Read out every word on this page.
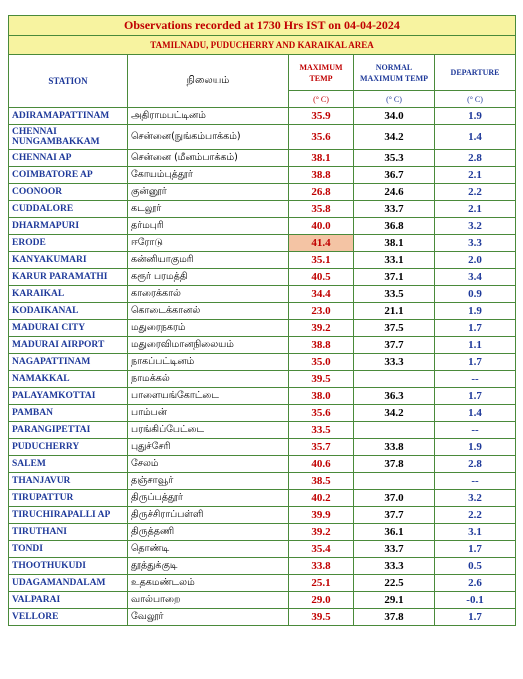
Observations recorded at 1730 Hrs IST on 04-04-2024				
TAMILNADU, PUDUCHERRY AND KARAIKAL AREA				
STATION	நிலையம்	MAXIMUM TEMP	NORMAL MAXIMUM TEMP	DEPARTURE
		(° C)	(° C)	(° C)
ADIRAMAPATTINAM	அதிராமபட்டினம்	35.9	34.0	1.9
CHENNAI NUNGAMBAKKAM	சென்னை(நுங்கம்பாக்கம்)	35.6	34.2	1.4
CHENNAI AP	சென்னை (மீனம்பாக்கம்)	38.1	35.3	2.8
COIMBATORE AP	கோயம்புத்தூர்	38.8	36.7	2.1
COONOOR	குன்னூர்	26.8	24.6	2.2
CUDDALORE	கடலூர்	35.8	33.7	2.1
DHARMAPURI	தர்மபுரி	40.0	36.8	3.2
ERODE	ஈரோடு	41.4	38.1	3.3
KANYAKUMARI	கன்னியாகுமரி	35.1	33.1	2.0
KARUR PARAMATHI	கரூர் பரமத்தி	40.5	37.1	3.4
KARAIKAL	காரைக்கால்	34.4	33.5	0.9
KODAIKANAL	கொடைக்கானல்	23.0	21.1	1.9
MADURAI CITY	மதுரைநகரம்	39.2	37.5	1.7
MADURAI AIRPORT	மதுரைவிமானநிலையம்	38.8	37.7	1.1
NAGAPATTINAM	நாகப்பட்டினம்	35.0	33.3	1.7
NAMAKKAL	நாமக்கல்	39.5		--
PALAYAMKOTTAI	பாளையங்கோட்டை	38.0	36.3	1.7
PAMBAN	பாம்பன்	35.6	34.2	1.4
PARANGIPETTAI	பரங்கிப்பேட்டை	33.5		--
PUDUCHERRY	புதுச்சேரி	35.7	33.8	1.9
SALEM	சேலம்	40.6	37.8	2.8
THANJAVUR	தஞ்சாவூர்	38.5		--
TIRUPATTUR	திருப்பத்தூர்	40.2	37.0	3.2
TIRUCHIRAPALLI AP	திருச்சிராப்பள்ளி	39.9	37.7	2.2
TIRUTHANI	திருத்தணி	39.2	36.1	3.1
TONDI	தொண்டி	35.4	33.7	1.7
THOOTHUKUDI	தூத்துக்குடி	33.8	33.3	0.5
UDAGAMANDALAM	உதகமண்டலம்	25.1	22.5	2.6
VALPARAI	வால்பாறை	29.0	29.1	-0.1
VELLORE	வேலூர்	39.5	37.8	1.7
